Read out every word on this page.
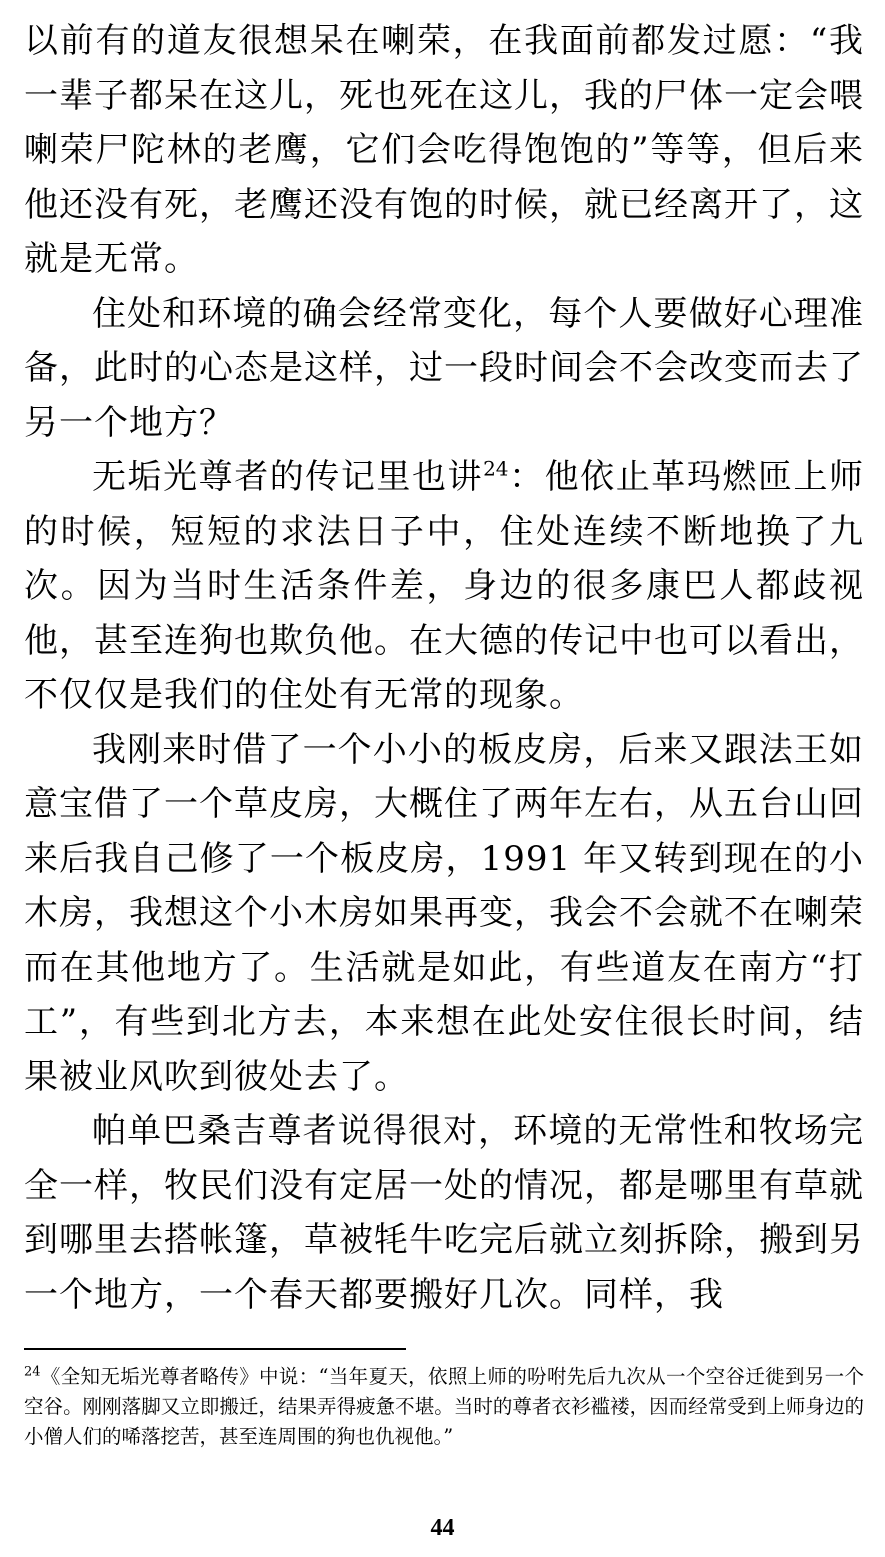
以前有的道友很想呆在喇荣，在我面前都发过愿：“我一辈子都呆在这儿，死也死在这儿，我的尸体一定会喂喇荣尸陀林的老鹰，它们会吃得饱饱的”等等，但后来他还没有死，老鹰还没有饱的时候，就已经离开了，这就是无常。

住处和环境的确会经常变化，每个人要做好心理准备，此时的心态是这样，过一段时间会不会改变而去了另一个地方？

无垢光尊者的传记里也讲$^{24}$：他依止革玛燃匝上师的时候，短短的求法日子中，住处连续不断地换了九次。因为当时生活条件差，身边的很多康巴人都歧视他，甚至连狗也欺负他。在大德的传记中也可以看出，不仅仅是我们的住处有无常的现象。

我刚来时借了一个小小的板皮房，后来又跟法王如意宝借了一个草皮房，大概住了两年左右，从五台山回来后我自己修了一个板皮房，1991 年又转到现在的小木房，我想这个小木房如果再变，我会不会就不在喇荣而在其他地方了。生活就是如此，有些道友在南方“打工”，有些到北方去，本来想在此处安住很长时间，结果被业风吹到彼处去了。

帕单巴桑吉尊者说得很对，环境的无常性和牧场完全一样，牧民们没有定居一处的情况，都是哪里有草就到哪里去搭帐篷，草被牦牛吃完后就立刻拆除，搬到另一个地方，一个春天都要搬好几次。同样，我

$^{24}$《全知无垢光尊者略传》中说：“当年夏天，依照上师的吩咐先后九次从一个空谷迁徙到另一个空谷。刚刚落脚又立即搬迁，结果弄得疲惫不堪。当时的尊者衣衫褴褛，因而经常受到上师身边的小僧人们的唏落挖苦，甚至连周围的狗也仇视他。”
44
